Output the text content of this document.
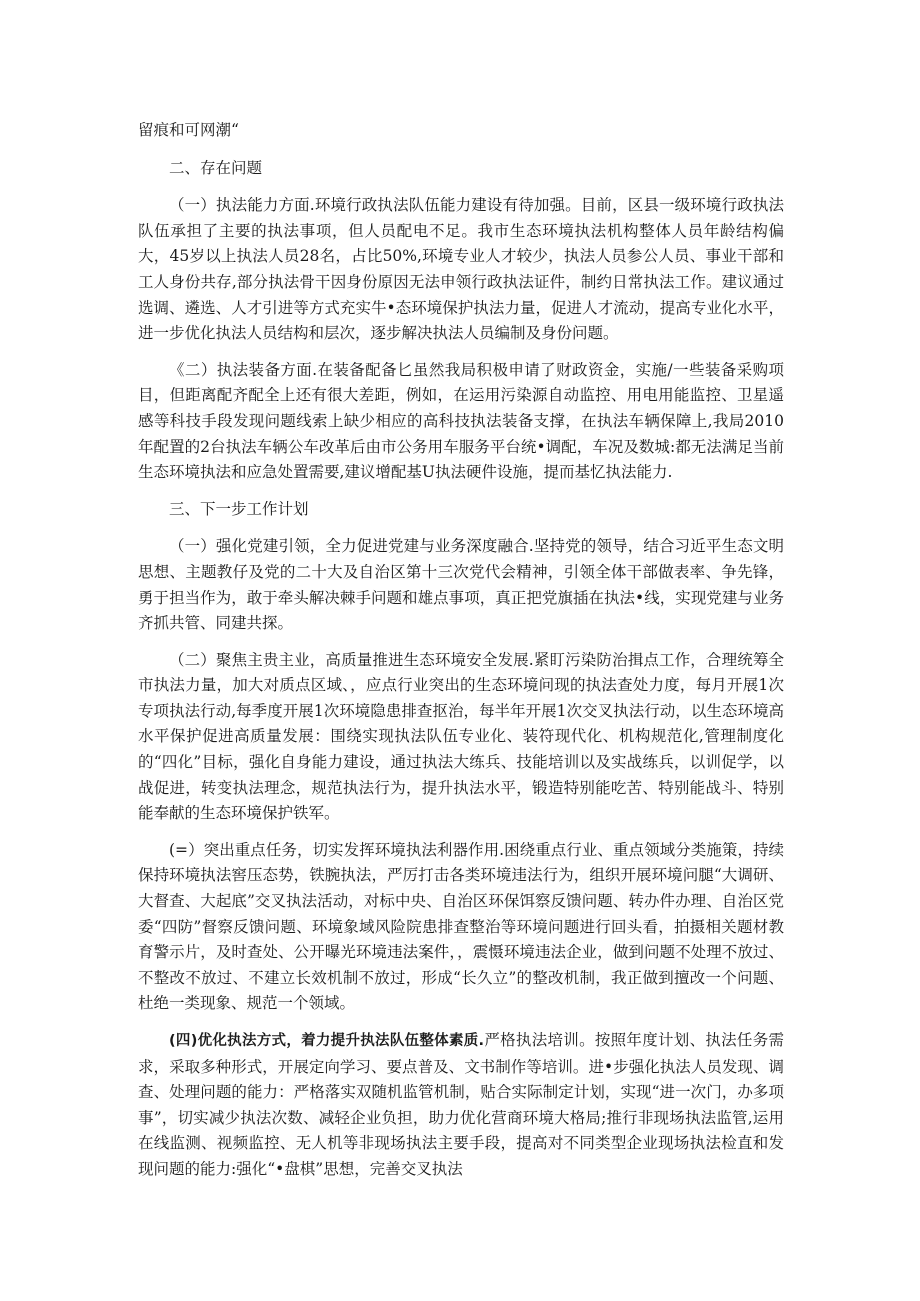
留痕和可网潮“

二、存在问题

（一）执法能力方面.环境行政执法队伍能力建设有待加强。目前，区县一级环境行政执法队伍承担了主要的执法事项，但人员配电不足。我市生态环境执法机构整体人员年龄结构偏大，45岁以上执法人员28名，占比50%,环境专业人才较少，执法人员参公人员、事业干部和工人身份共存,部分执法骨干因身份原因无法申领行政执法证件，制约日常执法工作。建议通过选调、遴选、人才引进等方式充实牛•态环境保护执法力量，促进人才流动，提高专业化水平，进一步优化执法人员结构和层次，逐步解决执法人员编制及身份问题。

《二）执法装备方面.在装备配备匕虽然我局积极申请了财政资金，实施/一些装备采购项目，但距离配齐配全上还有很大差距，例如，在运用污染源自动监控、用电用能监控、卫星遥感等科技手段发现问题线索上缺少相应的高科技执法装备支撑，在执法车辆保障上,我局2010年配置的2台执法车辆公车改革后由市公务用车服务平台统•调配，车况及数城:都无法满足当前生态环境执法和应急处置需要,建议增配基U执法硬件设施，提而基忆执法能力.

三、下一步工作计划

（一）强化党建引领，全力促进党建与业务深度融合.坚持党的领导，结合习近平生态文明思想、主题教仔及党的二十大及自治区第十三次党代会精神，引领全体干部做表率、争先锋，勇于担当作为，敢于牵头解决棘手问题和雄点事项，真正把党旗插在执法•线，实现党建与业务齐抓共管、同建共探。

（二）聚焦主贵主业，高质量推进生态环境安全发展.紧盯污染防治揖点工作，合理统筹全市执法力量，加大对质点区域、，应点行业突出的生态环境问现的执法查处力度，每月开展1次专项执法行动,每季度开展1次环境隐患排查抠治，每半年开展1次交叉执法行动，以生态环境高水平保护促进高质量发展：围绕实现执法队伍专业化、装符现代化、机构规范化,管理制度化的“四化”目标，强化自身能力建设，通过执法大练兵、技能培训以及实战练兵，以训促学，以战促进，转变执法理念，规范执法行为，提升执法水平，锻造特别能吃苦、特别能战斗、特别能奉献的生态环境保护铁军。

(=）突出重点任务，切实发挥环境执法利器作用.困绕重点行业、重点领域分类施策，持续保持环境执法窖压态势，铁腕执法，严厉打击各类环境违法行为，组织开展环境问腿“大调研、大督查、大起底”交叉执法活动，对标中央、自治区环保饵察反馈问题、转办件办理、自治区党委“四防”督察反馈问题、环境象域风险院患排查整治等环境问题进行回头看，拍摄相关题材教育警示片，及时查处、公开曝光环境违法案件，，震慑环境违法企业，做到问题不处理不放过、不整改不放过、不建立长效机制不放过，形成“长久立”的整改机制，我正做到擅改一个问题、杜绝一类现象、规范一个领域。

(四)优化执法方式，着力提升执法队伍整体素质.严格执法培训。按照年度计划、执法任务需求，采取多种形式，开展定向学习、要点普及、文书制作等培训。进•步强化执法人员发现、调查、处理问题的能力：严格落实双随机监管机制，贴合实际制定计划，实现“进一次门，办多项事”，切实减少执法次数、减轻企业负担，助力优化营商环境大格局;推行非现场执法监管,运用在线监测、视频监控、无人机等非现场执法主要手段，提高对不同类型企业现场执法检直和发现问题的能力:强化“•盘棋”思想，完善交叉执法
